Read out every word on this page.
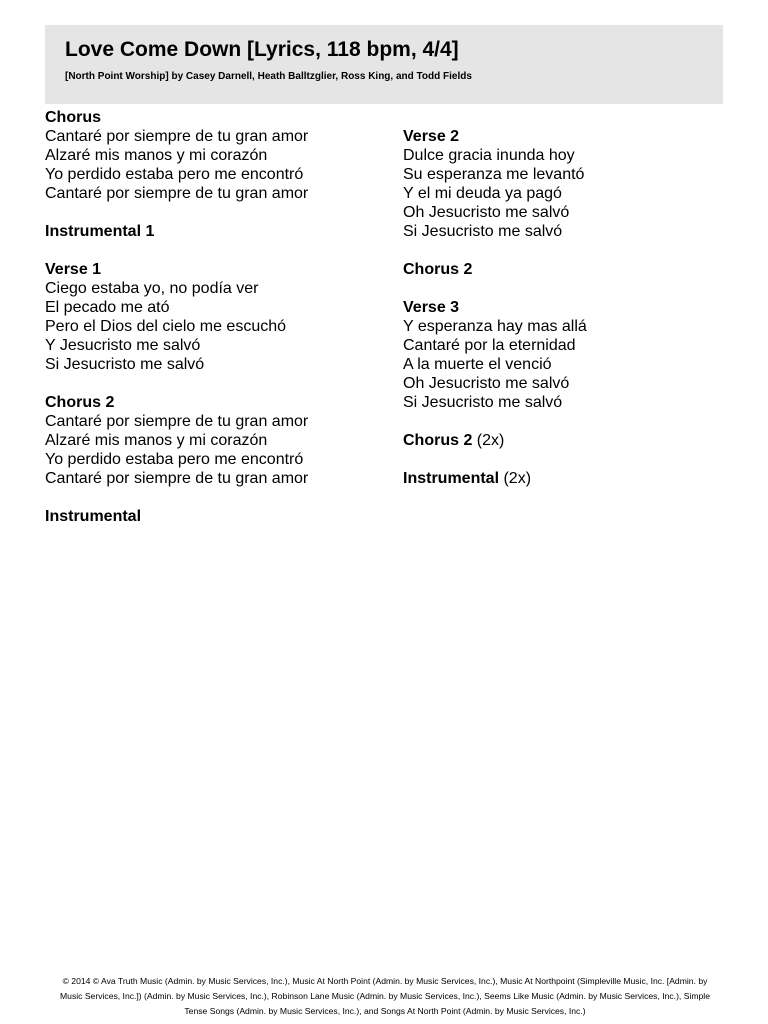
Love Come Down [Lyrics, 118 bpm, 4/4]
[North Point Worship] by Casey Darnell, Heath Balltzglier, Ross King, and Todd Fields
Chorus
Cantaré por siempre de tu gran amor
Alzaré mis manos y mi corazón
Yo perdido estaba pero me encontró
Cantaré por siempre de tu gran amor
Instrumental 1
Verse 1
Ciego estaba yo, no podía ver
El pecado me ató
Pero el Dios del cielo me escuchó
Y Jesucristo me salvó
Si Jesucristo me salvó
Chorus 2
Cantaré por siempre de tu gran amor
Alzaré mis manos y mi corazón
Yo perdido estaba pero me encontró
Cantaré por siempre de tu gran amor
Instrumental
Verse 2
Dulce gracia inunda hoy
Su esperanza me levantó
Y el mi deuda ya pagó
Oh Jesucristo me salvó
Si Jesucristo me salvó
Chorus 2
Verse 3
Y esperanza hay mas allá
Cantaré por la eternidad
A la muerte el venció
Oh Jesucristo me salvó
Si Jesucristo me salvó
Chorus 2 (2x)
Instrumental (2x)
© 2014 © Ava Truth Music (Admin. by Music Services, Inc.), Music At North Point (Admin. by Music Services, Inc.), Music At Northpoint (Simpleville Music, Inc. [Admin. by Music Services, Inc.]) (Admin. by Music Services, Inc.), Robinson Lane Music (Admin. by Music Services, Inc.), Seems Like Music (Admin. by Music Services, Inc.), Simple Tense Songs (Admin. by Music Services, Inc.), and Songs At North Point (Admin. by Music Services, Inc.)
